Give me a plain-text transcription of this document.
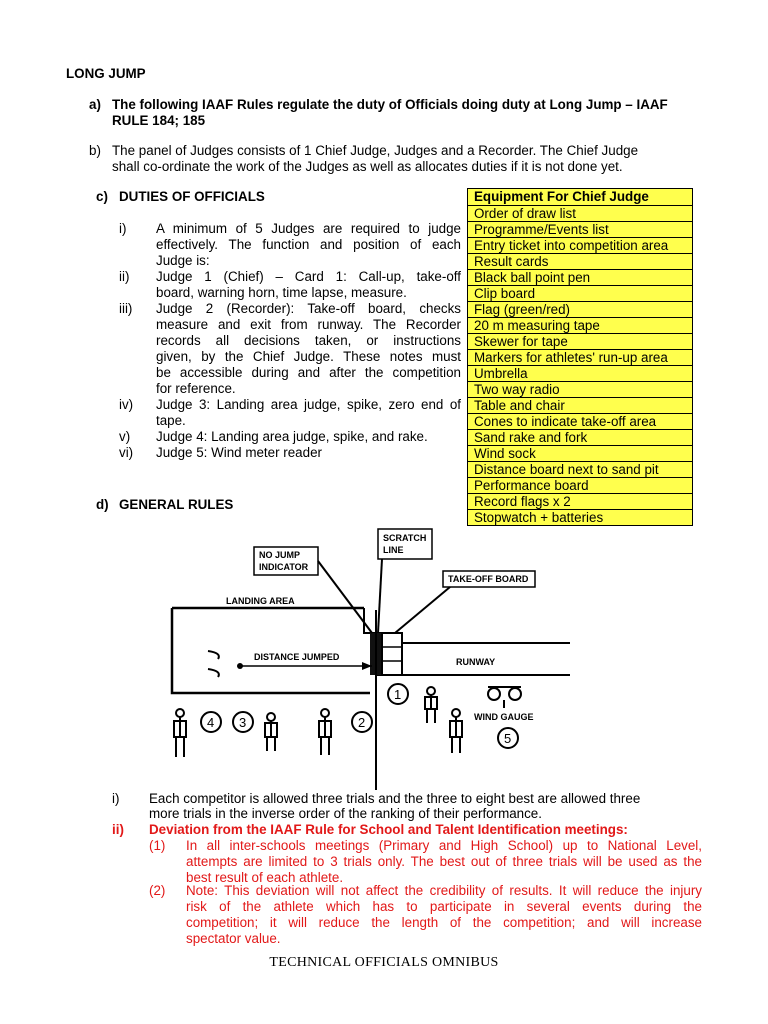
LONG JUMP
a) The following IAAF Rules regulate the duty of Officials doing duty at Long Jump – IAAF
RULE 184; 185
b) The panel of Judges consists of 1 Chief Judge, Judges and a Recorder. The Chief Judge
shall co-ordinate the work of the Judges as well as allocates duties if it is not done yet.
c) DUTIES OF OFFICIALS
i) A minimum of 5 Judges are required to judge
effectively. The function and position of each
Judge is:
ii) Judge 1 (Chief) – Card 1: Call-up, take-off
board, warning horn, time lapse, measure.
iii) Judge 2 (Recorder): Take-off board, checks
measure and exit from runway. The Recorder
records all decisions taken, or instructions
given, by the Chief Judge. These notes must
be accessible during and after the competition
for reference.
iv) Judge 3: Landing area judge, spike, zero end of
tape.
v) Judge 4: Landing area judge, spike, and rake.
vi) Judge 5: Wind meter reader
Equipment For Chief Judge
Order of draw list
Programme/Events list
Entry ticket into competition area
Result cards
Black ball point pen
Clip board
Flag (green/red)
20 m measuring tape
Skewer for tape
Markers for athletes' run-up area
Umbrella
Two way radio
Table and chair
Cones to indicate take-off area
Sand rake and fork
Wind sock
Distance board next to sand pit
Performance board
Record flags x 2
Stopwatch + batteries
d) GENERAL RULES
NO JUMP
INDICATOR
SCRATCH
LINE
TAKE-OFF BOARD
LANDING AREA
DISTANCE JUMPED	RUNWAY
WIND GAUGE
1
2
3
4
5
i) Each competitor is allowed three trials and the three to eight best are allowed three
more trials in the inverse order of the ranking of their performance.
ii) Deviation from the IAAF Rule for School and Talent Identification meetings:
(1) In all inter-schools meetings (Primary and High School) up to National Level,
attempts are limited to 3 trials only. The best out of three trials will be used as the
best result of each athlete.
(2) Note: This deviation will not affect the credibility of results. It will reduce the injury
risk of the athlete which has to participate in several events during the
competition; it will reduce the length of the competition; and will increase
spectator value.
TECHNICAL OFFICIALS OMNIBUS
